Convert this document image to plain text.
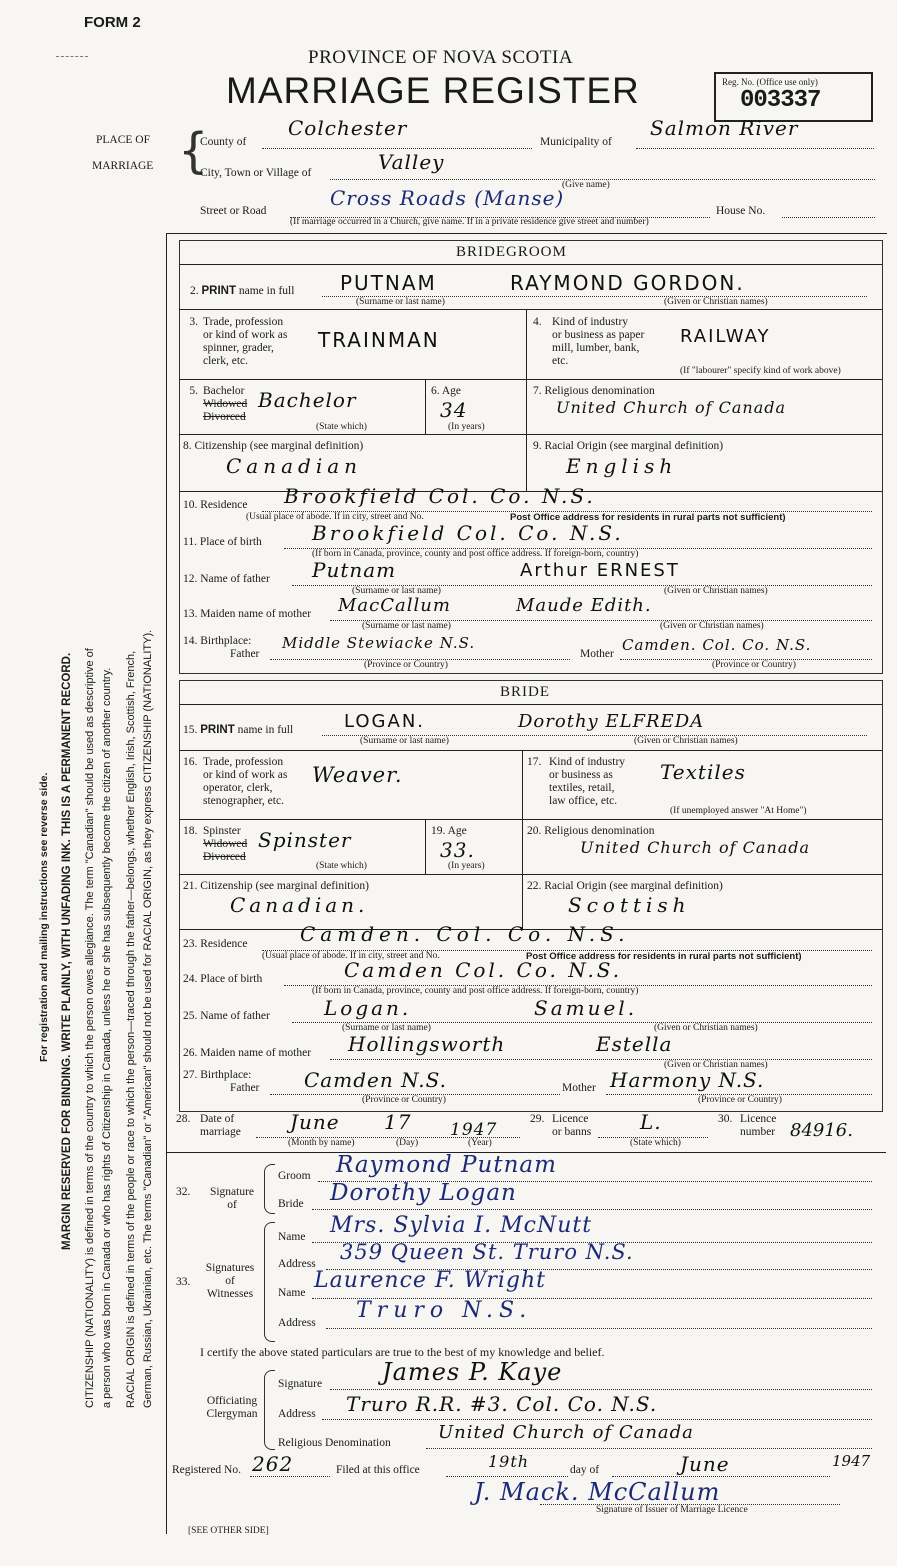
FORM 2
PROVINCE OF NOVA SCOTIA
MARRIAGE REGISTER	Reg. No. (Office use only)
003337
For registration and mailing instructions see reverse side. MARGIN RESERVED FOR BINDING. WRITE PLAINLY, WITH UNFADING INK. THIS IS A PERMANENT RECORD. CITIZENSHIP (NATIONALITY) is defined in terms of the country to which the person owes allegiance. The term "Canadian" should be used as descriptive of a person who was born in Canada or who has rights of Citizenship in Canada, unless he or she has subsequently become the citizen of another country. RACIAL ORIGIN is defined in terms of the people or race to which the person—traced through the father—belongs, whether English, Irish, Scottish, French, German, Russian, Ukrainian, etc. The terms "Canadian" or "American" should not be used for RACIAL ORIGIN, as they express CITIZENSHIP (NATIONALITY).
PLACE OF
MARRIAGE {
County of
Colchester
Municipality of
Salmon River
City, Town or Village of	Valley
(Give name)
Street or Road
Cross Roads (Manse)
House No.
(If marriage occurred in a Church, give name. If in a private residence give street and number)
BRIDEGROOM
2. PRINT name in full PUTNAM	RAYMOND GORDON.
(Surname or last name)	(Given or Christian names)
3. Trade, profession
or kind of work as
spinner, grader,
clerk, etc.
TRAINMAN
4. Kind of industry
or business as paper
mill, lumber, bank,
etc.
RAILWAY
(If "labourer" specify kind of work above)
5. Bachelor
Widowed
Divorced
Bachelor
(State which)
6. Age
34
(In years)
7. Religious denomination
United Church of Canada
8. Citizenship (see marginal definition)
Canadian
9. Racial Origin (see marginal definition)
English
10. Residence Brookfield Col. Co. N.S.
(Usual place of abode. If in city, street and No.	Post Office address for residents in rural parts not sufficient)
11. Place of birth	Brookfield Col. Co. N.S.
(If born in Canada, province, county and post office address. If foreign-born, country)
12. Name of father Putnam	Arthur ERNEST
(Surname or last name)	(Given or Christian names)
13. Maiden name of mother MacCallum	Maude Edith.
(Surname or last name)	(Given or Christian names)
14. Birthplace:
Father
Middle Stewiacke N.S.
Mother Camden. Col. Co. N.S.
(Province or Country)	(Province or Country)
BRIDE
15. PRINT name in full	LOGAN.	Dorothy ELFREDA
(Surname or last name)	(Given or Christian names)
16. Trade, profession
or kind of work as
operator, clerk,
stenographer, etc.
Weaver.
17. Kind of industry
or business as
textiles, retail,
law office, etc.
Textiles
(If unemployed answer "At Home")
18. Spinster
Widowed
Divorced
Spinster
(State which)
19. Age
33.
(In years)
20. Religious denomination
United Church of Canada
21. Citizenship (see marginal definition)
Canadian.
22. Racial Origin (see marginal definition)
Scottish
23. Residence	Camden. Col. Co. N.S.
(Usual place of abode. If in city, street and No.	Post Office address for residents in rural parts not sufficient)
24. Place of birth	Camden Col. Co. N.S.
(If born in Canada, province, county and post office address. If foreign-born, country)
25. Name of father	Logan.	Samuel.
(Surname or last name)	(Given or Christian names)
26. Maiden name of mother Hollingsworth	Estella
(Given or Christian names)
27. Birthplace:
Father Camden N.S.	Mother Harmony N.S.
(Province or Country)	(Province or Country)
28. Date of
marriage June 17 1947
(Month by name)	(Day)	(Year)
29. Licence
or banns L.
(State which)
30. Licence
number 84916.
32.	Signature
of
Groom Raymond Putnam
Bride Dorothy Logan
33.
Signatures
of
Witnesses
Name Mrs. Sylvia I. McNutt
Address 359 Queen St. Truro N.S.
Name Laurence F. Wright
Address Truro N.S.
I certify the above stated particulars are true to the best of my knowledge and belief.
Officiating
Clergyman
Signature James P. Kaye
Address Truro R.R. #3. Col. Co. N.S.
Religious Denomination	United Church of Canada
Registered No. 262	Filed at this office	19th	day of	June	1947
J. Mack. McCallum
Signature of Issuer of Marriage Licence
[SEE OTHER SIDE]
